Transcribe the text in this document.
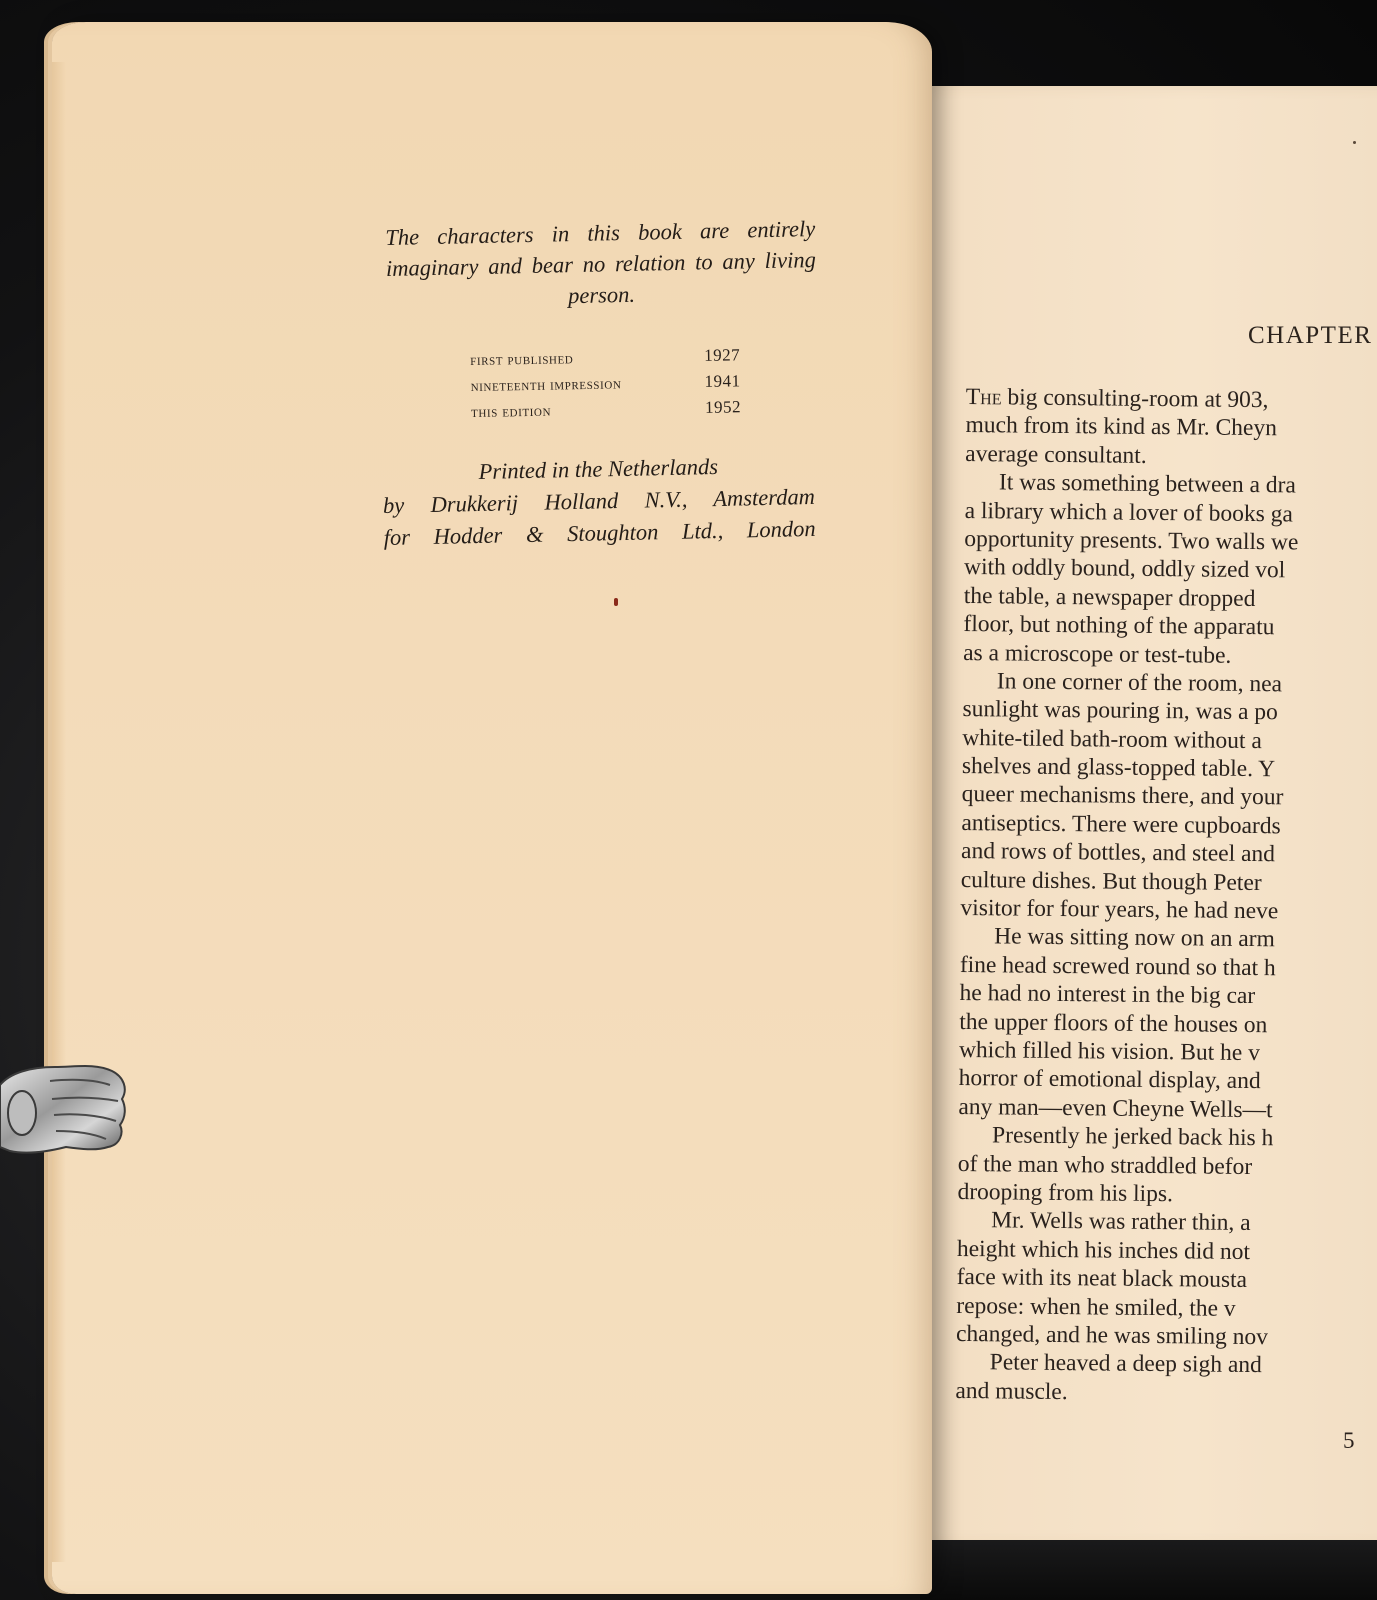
CHAPTER
The big consulting-room at 903,
much from its kind as Mr. Cheyn
average consultant.
It was something between a dra
a library which a lover of books ga
opportunity presents. Two walls we
with oddly bound, oddly sized vol
the table, a newspaper dropped
floor, but nothing of the apparatu
as a microscope or test-tube.
In one corner of the room, nea
sunlight was pouring in, was a po
white-tiled bath-room without a
shelves and glass-topped table. Y
queer mechanisms there, and your
antiseptics. There were cupboards
and rows of bottles, and steel and
culture dishes. But though Peter
visitor for four years, he had neve
He was sitting now on an arm
fine head screwed round so that h
he had no interest in the big car
the upper floors of the houses on
which filled his vision. But he v
horror of emotional display, and
any man—even Cheyne Wells—t
Presently he jerked back his h
of the man who straddled befor
drooping from his lips.
Mr. Wells was rather thin, a
height which his inches did not
face with its neat black mousta
repose: when he smiled, the v
changed, and he was smiling nov
Peter heaved a deep sigh and
and muscle.
5
The characters in this book are entirely imaginary and bear no relation to any living person.
first published	1927
nineteenth impression	1941
this edition	1952
Printed in the Netherlands
by Drukkerij Holland N.V., Amsterdam
for Hodder & Stoughton Ltd., London
